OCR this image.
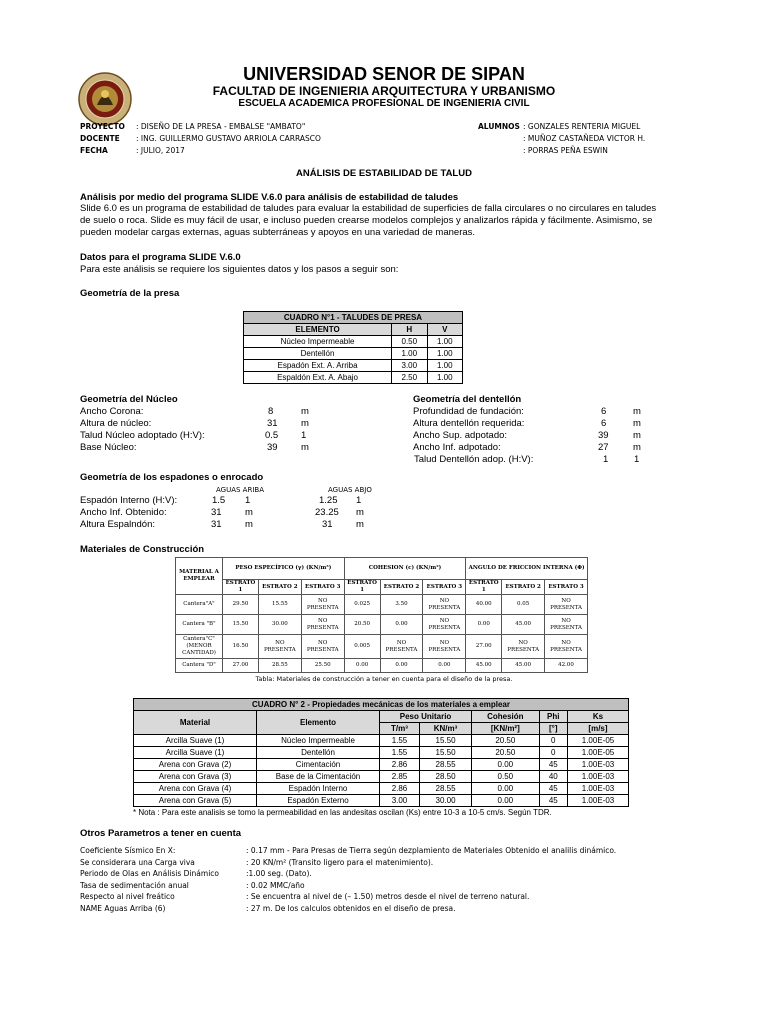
UNIVERSIDAD SENOR DE SIPAN
FACULTAD DE INGENIERIA ARQUITECTURA Y URBANISMO
ESCUELA ACADEMICA PROFESIONAL DE INGENIERIA CIVIL
PROYECTO : DISEÑO DE LA PRESA - EMBALSE "AMBATO"
DOCENTE : ING. GUILLERMO GUSTAVO ARRIOLA CARRASCO
FECHA	: JULIO, 2017
ALUMNOS : GONZALES RENTERIA MIGUEL
: MUÑOZ CASTAÑEDA VICTOR H.
: PORRAS PEÑA ESWIN
ANÁLISIS DE ESTABILIDAD DE TALUD
Análisis por medio del programa SLIDE V.6.0 para análisis de estabilidad de taludes
Slide 6.0 es un programa de estabilidad de taludes para evaluar la estabilidad de superficies de falla circulares o no circulares en taludes
de suelo o roca. Slide es muy fácil de usar, e incluso pueden crearse modelos complejos y analizarlos rápida y fácilmente. Asimismo, se
pueden modelar cargas externas, aguas subterráneas y apoyos en una variedad de maneras.
Datos para el programa SLIDE V.6.0
Para este análisis se requiere los siguientes datos y los pasos a seguir son:
Geometría de la presa
CUADRO N°1 - TALUDES DE PRESA		
ELEMENTO	H	V
Núcleo Impermeable	0.50	1.00
Dentellón	1.00	1.00
Espadón Ext. A. Arriba	3.00	1.00
Espaldón Ext. A. Abajo	2.50	1.00
Geometría del Núcleo
Ancho Corona:	8	m
Altura de núcleo:	31 m
Talud Núcleo adoptado (H:V):	0.5 1
Base Núcleo:	39 m
Geometría del dentellón
Profundidad de fundación:	6	m
Altura dentellón requerida:	6	m
Ancho Sup. adpotado:	39	m
Ancho Inf. adpotado:	27	m
Talud Dentellón adop. (H:V):	1	1
Geometría de los espadones o enrocado
AGUAS ARIBA	AGUAS ABJO
Espadón Interno (H:V):	1.5 1	1.25 1
Ancho Inf. Obtenido:	31 m	23.25 m
Altura Espalndón:	31 m	31 m
Materiales de Construcción
MATERIAL A EMPLEAR	PESO ESPECÍFICO (γ) (KN/m³)			COHESION (c) (KN/m²)			ANGULO DE FRICCION INTERNA (Φ)		
	ESTRATO 1	ESTRATO 2	ESTRATO 3	ESTRATO 1	ESTRATO 2	ESTRATO 3	ESTRATO 1	ESTRATO 2	ESTRATO 3
Cantera"A"	29.50	15.55	NO PRESENTA	0.025	3.50	NO PRESENTA	40.00	0.05	NO PRESENTA
Cantera "B"	15.50	30.00	NO PRESENTA	20.50	0.00	NO PRESENTA	0.00	45.00	NO PRESENTA
Cantera"C" (MENOR CANTIDAD)	16.50	NO PRESENTA	NO PRESENTA	0.005	NO PRESENTA	NO PRESENTA	27.00	NO PRESENTA	NO PRESENTA
Cantera "D"	27.00	28.55	25.50	0.00	0.00	0.00	45.00	45.00	42.00
Tabla: Materiales de construcción a tener en cuenta para el diseño de la presa.
CUADRO N° 2 - Propiedades mecánicas de los materiales a emplear						
Material	Elemento	Peso Unitario		Cohesión	Phi	Ks
		T/m³	KN/m³	[KN/m²]	[°]	[m/s]
Arcilla Suave (1)	Núcleo Impermeable	1.55	15.50	20.50	0	1.00E-05
Arcilla Suave (1)	Dentellón	1.55	15.50	20.50	0	1.00E-05
Arena con Grava (2)	Cimentación	2.86	28.55	0.00	45	1.00E-03
Arena con Grava (3)	Base de la Cimentación	2.85	28.50	0.50	40	1.00E-03
Arena con Grava (4)	Espadón Interno	2.86	28.55	0.00	45	1.00E-03
Arena con Grava (5)	Espadón Externo	3.00	30.00	0.00	45	1.00E-03
* Nota : Para este analisis se tomo la permeabilidad en las andesitas oscilan (Ks) entre 10-3 a 10-5 cm/s. Según TDR.
Otros Parametros a tener en cuenta
Coeficiente Sísmico En X:	: 0.17 mm - Para Presas de Tierra según dezplamiento de Materiales Obtenido el analilis dinámico.
Se considerara una Carga viva	: 20 KN/m² (Transito ligero para el matenimiento).
Periodo de Olas en Análisis Dinámico	:1.00 seg. (Dato).
Tasa de sedimentación anual	: 0.02 MMC/año
Respecto al nivel freático	: Se encuentra al nivel de (– 1.50) metros desde el nivel de terreno natural.
NAME Aguas Arriba (6)	: 27 m. De los calculos obtenidos en el diseño de presa.
